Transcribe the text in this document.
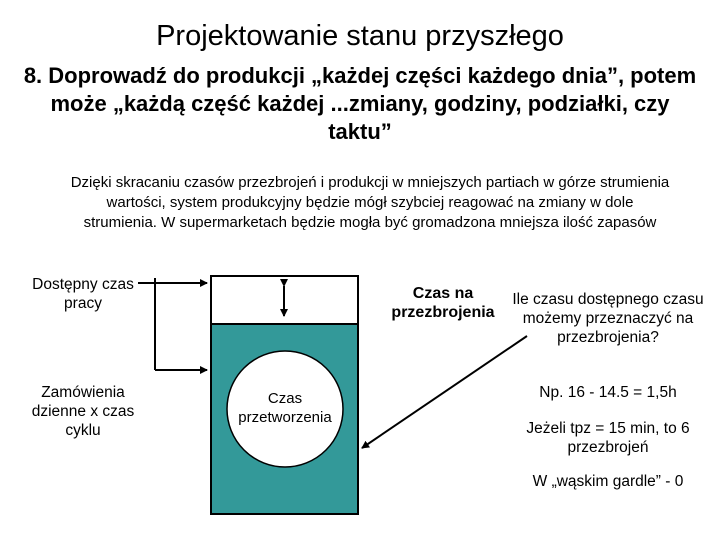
Projektowanie stanu przyszłego
8. Doprowadź do produkcji „każdej części każdego dnia”, potem może „każdą część każdej ...zmiany, godziny, podziałki, czy taktu”
Dzięki skracaniu czasów przezbrojeń i produkcji w mniejszych partiach w górze strumienia wartości, system produkcyjny będzie mógł szybciej reagować na zmiany w dole strumienia. W supermarketach będzie mogła być gromadzona mniejsza ilość zapasów
Dostępny czas pracy
Zamówienia dzienne x czas cyklu
Czas na przezbrojenia
Czas przetworzenia
Ile czasu dostępnego czasu możemy przeznaczyć na przezbrojenia?
Np. 16 - 14.5 = 1,5h
Jeżeli tpz = 15 min, to 6 przezbrojeń
W „wąskim gardle” - 0
